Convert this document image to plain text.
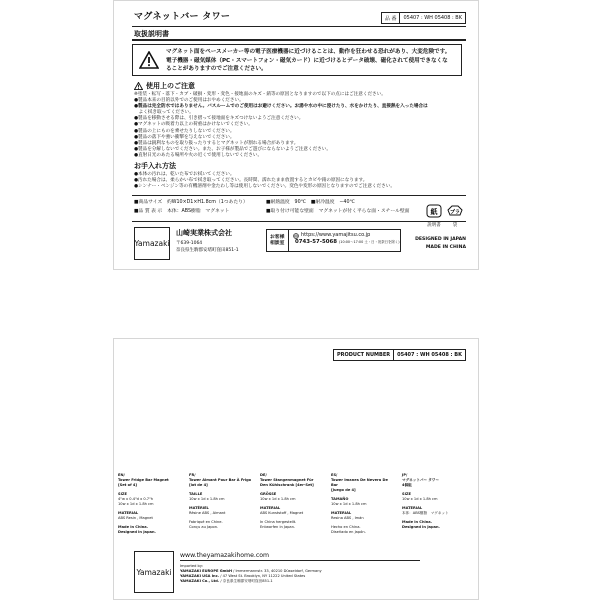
マグネットバー タワー	品 番	05407 : WH 05408 : BK
取扱説明書
マグネット面をペースメーカー等の電子医療機器に近づけることは、動作を狂わせる恐れがあり、大変危険です。
電子機器・磁気媒体（PC・スマートフォン・磁気カード）に近づけるとデータ破壊、磁化されて使用できなくな
ることがありますのでご注意ください。
使用上のご注意
※塗装・転写・落下・カブ・破損・変形・変色・接地面のキズ・錆等の原因となりますので以下の点にはご注意ください。
●製品本来の目的以外でのご使用はおやめください。
●製品は完全防水ではありません。バスルームでのご使用はお避けください。お湯や水の中に浸けたり、水をかけたり、直接熱を入った場合は
　よく拭き取ってください。
●製品を移動させる際は、引き摺って接地面をキズつけないようご注意ください。
●マグネットの吸着力以上の荷重はかけないでください。
●製品の上にものを乗せたりしないでください。
●製品の落下や強い衝撃を与えないでください。
●製品は鋭利なものを取り扱ったりするとマグネットが割れる場合があります。
●製品を分解しないでください。また、お子様が製品でご遊びにならないようご注意ください。
●直射日光のあたる場所や火の近くで使用しないでください。
お手入れ方法
●本体の汚れは、乾いた布でお拭いてください。
●汚れた場合は、柔らかい布で拭き取ってください。長時間、濡れたまま放置するとカビや錆の原因になります。
●シンナー・ベンジン等の有機溶剤や金たわし等は使用しないでください。変色や変形の原因となりますのでご注意ください。
■商品サイズ　 約W10×D1×H1.8cm（1つあたり）
■品 質 表 示　 本体：ABS樹脂　マグネット
■耐熱温度　 90℃　 ■耐冷温度　 −40℃
■取り付け可能な壁面　 マグネットが付く平らな面・スチール壁面	紙
説明書
プラ
袋
Yamazaki
山崎実業株式会社
〒639-1064
奈良県生駒郡安堵町窪田851-1
お客様
相談室
https://www.yamajitsu.co.jp
0743-57-5068 (10:00〜17:00 土・日・祝祭日を除く)	DESIGNED IN JAPAN
MADE IN CHINA
PRODUCT NUMBER	05407 : WH 05408 : BK
EN/
Tower Fridge Bar Magnet
[Set of 4]
SIZE
4"w x 0.4"d x 0.7"h
10w x 1d x 1.8h cm
MATERIAL
ABS Resin , Magnet
Made in China.
Designed in Japan.
FR/
Tower Aimant Pour Bar À Frigo
[lot de 4]
TAILLE
10w x 1d x 1.8h cm
MATÉRIEL
Résine ABS , Aimant
Fabriqué en Chine.
Conçu au Japon.
DE/
Tower Stangenmagnet Für
Den Kühlschrank [4er-Set]
GRÖSSE
10w x 1d x 1.8h cm
MATERIAL
ABS Kunststoff , Magnet
In China hergestellt.
Entworfen in Japan.
ES/
Tower Imanes De Nevera De Bar
[Juego de 4]
TAMAÑO
10w x 1d x 1.8h cm
MATERIAL
Resina ABS , Imán
Hecho en China.
Diseñado en Japón.
JP/
マグネットバー タワー
4個組
SIZE
10w x 1d x 1.8h cm
MATERIAL
本体：ABS樹脂　マグネット
Made in China.
Designed in Japan.
Yamazaki
www.theyamazakihome.com
Imported by:
YAMAZAKI EUROPE GmbH / Immermannstr. 33, 40210 Düsseldorf, Germany
YAMAZAKI USA Inc. / 47 West St. Brooklyn, NY 11222 United States
YAMAZAKI Co., Ltd. / 奈良県生駒郡安堵町窪田851-1
